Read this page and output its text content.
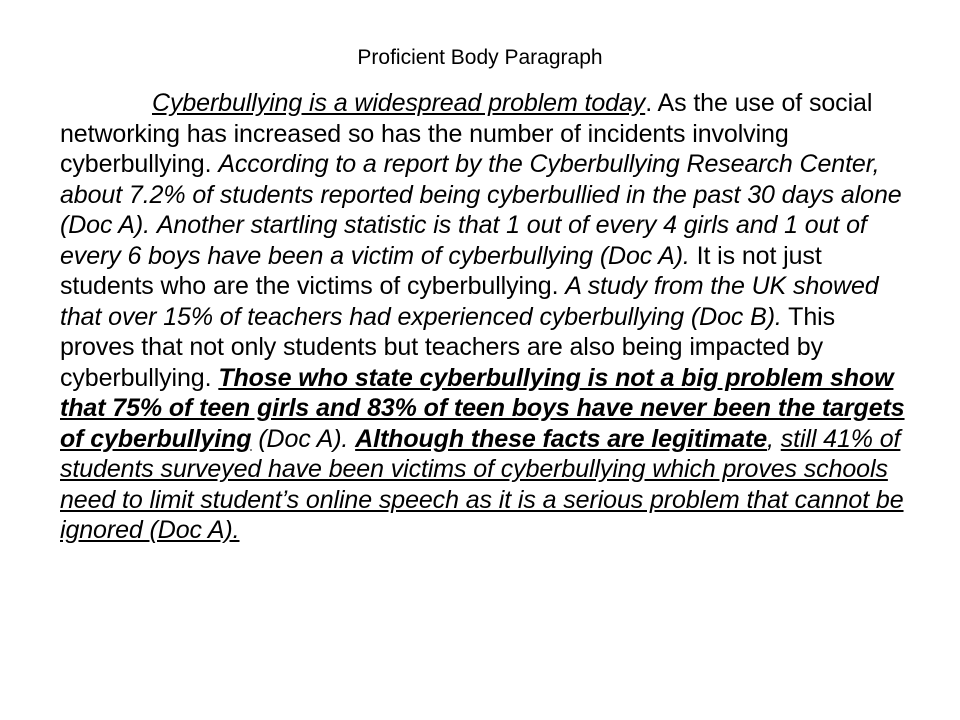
Proficient Body Paragraph

Cyberbullying is a widespread problem today. As the use of social networking has increased so has the number of incidents involving cyberbullying. According to a report by the Cyberbullying Research Center, about 7.2% of students reported being cyberbullied in the past 30 days alone (Doc A). Another startling statistic is that 1 out of every 4 girls and 1 out of every 6 boys have been a victim of cyberbullying (Doc A). It is not just students who are the victims of cyberbullying. A study from the UK showed that over 15% of teachers had experienced cyberbullying (Doc B). This proves that not only students but teachers are also being impacted by cyberbullying. Those who state cyberbullying is not a big problem show that 75% of teen girls and 83% of teen boys have never been the targets of cyberbullying (Doc A). Although these facts are legitimate, still 41% of students surveyed have been victims of cyberbullying which proves schools need to limit student’s online speech as it is a serious problem that cannot be ignored (Doc A).
